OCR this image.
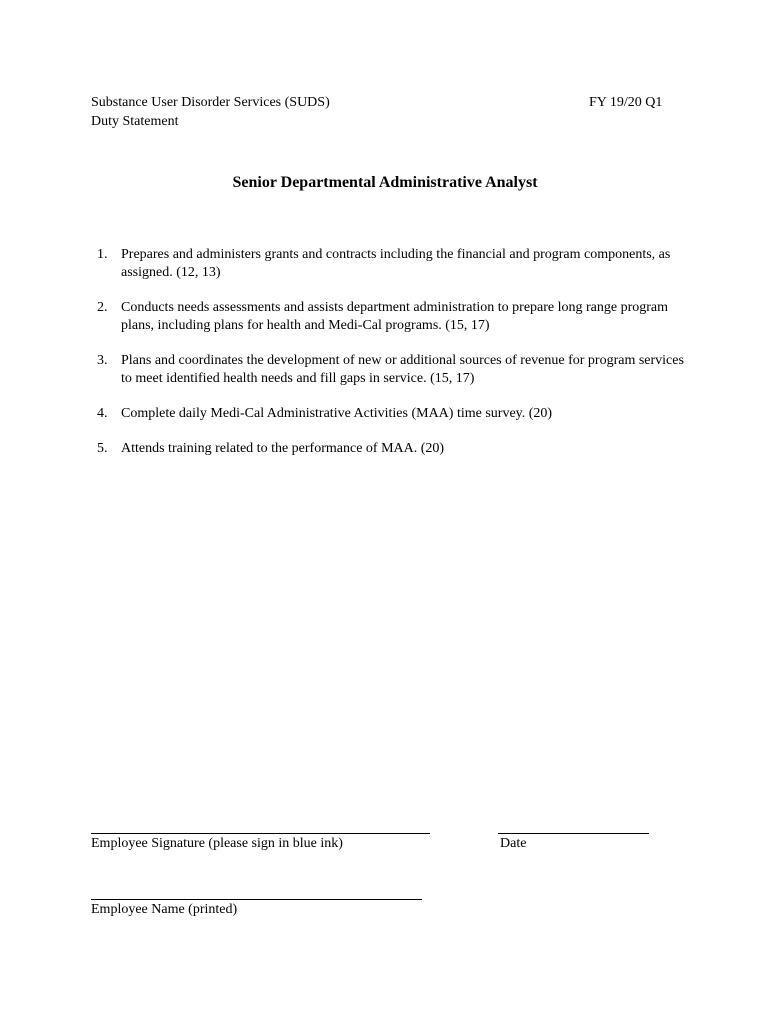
Substance User Disorder Services (SUDS)
Duty Statement
FY 19/20 Q1
Senior Departmental Administrative Analyst
1. Prepares and administers grants and contracts including the financial and program components, as assigned. (12, 13)
2. Conducts needs assessments and assists department administration to prepare long range program plans, including plans for health and Medi-Cal programs. (15, 17)
3. Plans and coordinates the development of new or additional sources of revenue for program services to meet identified health needs and fill gaps in service. (15, 17)
4. Complete daily Medi-Cal Administrative Activities (MAA) time survey. (20)
5. Attends training related to the performance of MAA. (20)
Employee Signature (please sign in blue ink)	Date
Employee Name (printed)
